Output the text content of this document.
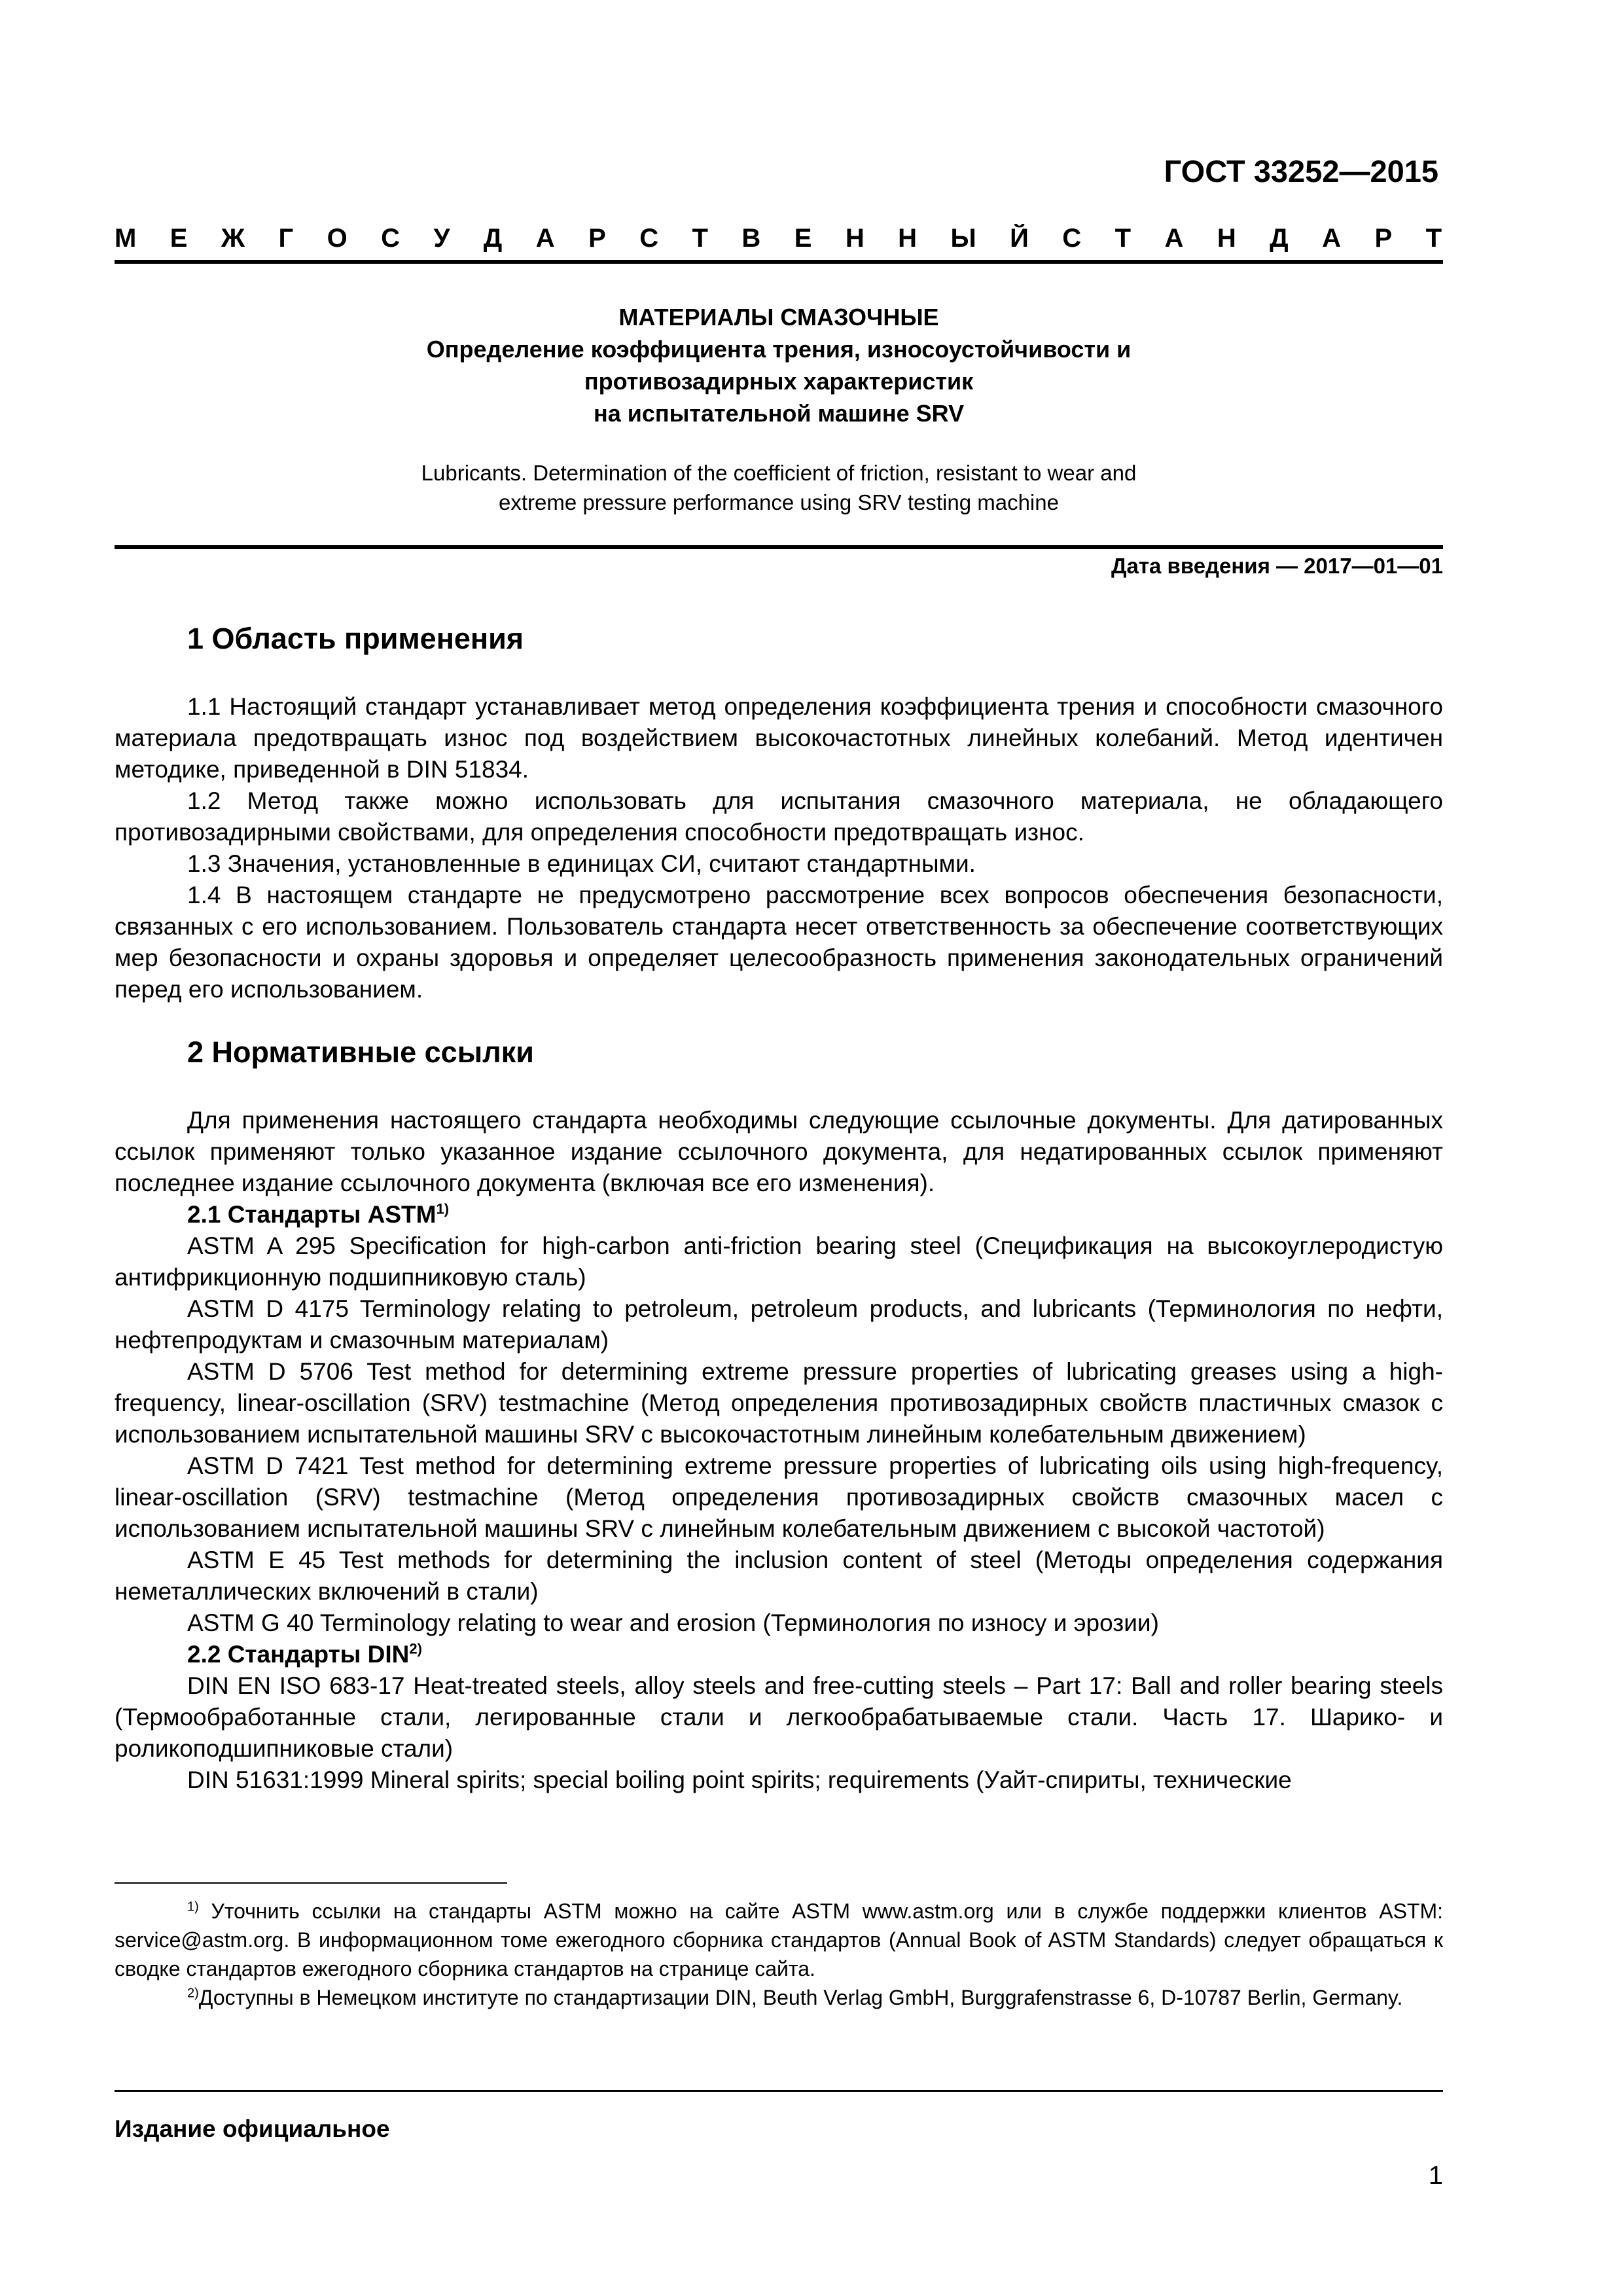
ГОСТ 33252—2015
М Е Ж Г О С У Д А Р С Т В Е Н Н Ы Й С Т А Н Д А Р Т

МАТЕРИАЛЫ СМАЗОЧНЫЕ

Определение коэффициента трения, износоустойчивости и

противозадирных характеристик

на испытательной машине SRV

Lubricants. Determination of the coefficient of friction, resistant to wear and

extreme pressure performance using SRV testing machine

Дата введения — 2017—01—01
1 Область применения

1.1 Настоящий стандарт устанавливает метод определения коэффициента трения и способности смазочного материала предотвращать износ под воздействием высокочастотных линейных колебаний. Метод идентичен методике, приведенной в DIN 51834.

1.2 Метод также можно использовать для испытания смазочного материала, не обладающего противозадирными свойствами, для определения способности предотвращать износ.

1.3 Значения, установленные в единицах СИ, считают стандартными.

1.4 В настоящем стандарте не предусмотрено рассмотрение всех вопросов обеспечения безопасности, связанных с его использованием. Пользователь стандарта несет ответственность за обеспечение соответствующих мер безопасности и охраны здоровья и определяет целесообразность применения законодательных ограничений перед его использованием.

2 Нормативные ссылки

Для применения настоящего стандарта необходимы следующие ссылочные документы. Для датированных ссылок применяют только указанное издание ссылочного документа, для недатированных ссылок применяют последнее издание ссылочного документа (включая все его изменения).

2.1 Стандарты ASTM$^{1)}$

ASTM A 295 Specification for high-carbon anti-friction bearing steel (Спецификация на высокоуглеродистую антифрикционную подшипниковую сталь)

ASTM D 4175 Terminology relating to petroleum, petroleum products, and lubricants (Терминология по нефти, нефтепродуктам и смазочным материалам)

ASTM D 5706 Test method for determining extreme pressure properties of lubricating greases using a high-frequency, linear-oscillation (SRV) testmachine (Метод определения противозадирных свойств пластичных смазок с использованием испытательной машины SRV с высокочастотным линейным колебательным движением)

ASTM D 7421 Test method for determining extreme pressure properties of lubricating oils using high-frequency, linear-oscillation (SRV) testmachine (Метод определения противозадирных свойств смазочных масел с использованием испытательной машины SRV с линейным колебательным движением с высокой частотой)

ASTM E 45 Test methods for determining the inclusion content of steel (Методы определения содержания неметаллических включений в стали)

ASTM G 40 Terminology relating to wear and erosion (Терминология по износу и эрозии)

2.2 Стандарты DIN$^{2)}$

DIN EN ISO 683-17 Heat-treated steels, alloy steels and free-cutting steels – Part 17: Ball and roller bearing steels (Термообработанные стали, легированные стали и легкообрабатываемые стали. Часть 17. Шарико- и роликоподшипниковые стали)

DIN 51631:1999 Mineral spirits; special boiling point spirits; requirements (Уайт-спириты, технические

$^{1)}$ Уточнить ссылки на стандарты ASTM можно на сайте ASTM www.astm.org или в службе поддержки клиентов ASTM: service@astm.org. В информационном томе ежегодного сборника стандартов (Annual Book of ASTM Standards) следует обращаться к сводке стандартов ежегодного сборника стандартов на странице сайта.

$^{2)}$Доступны в Немецком институте по стандартизации DIN, Beuth Verlag GmbH, Burggrafenstrasse 6, D-10787 Berlin, Germany.

Издание официальное
1
